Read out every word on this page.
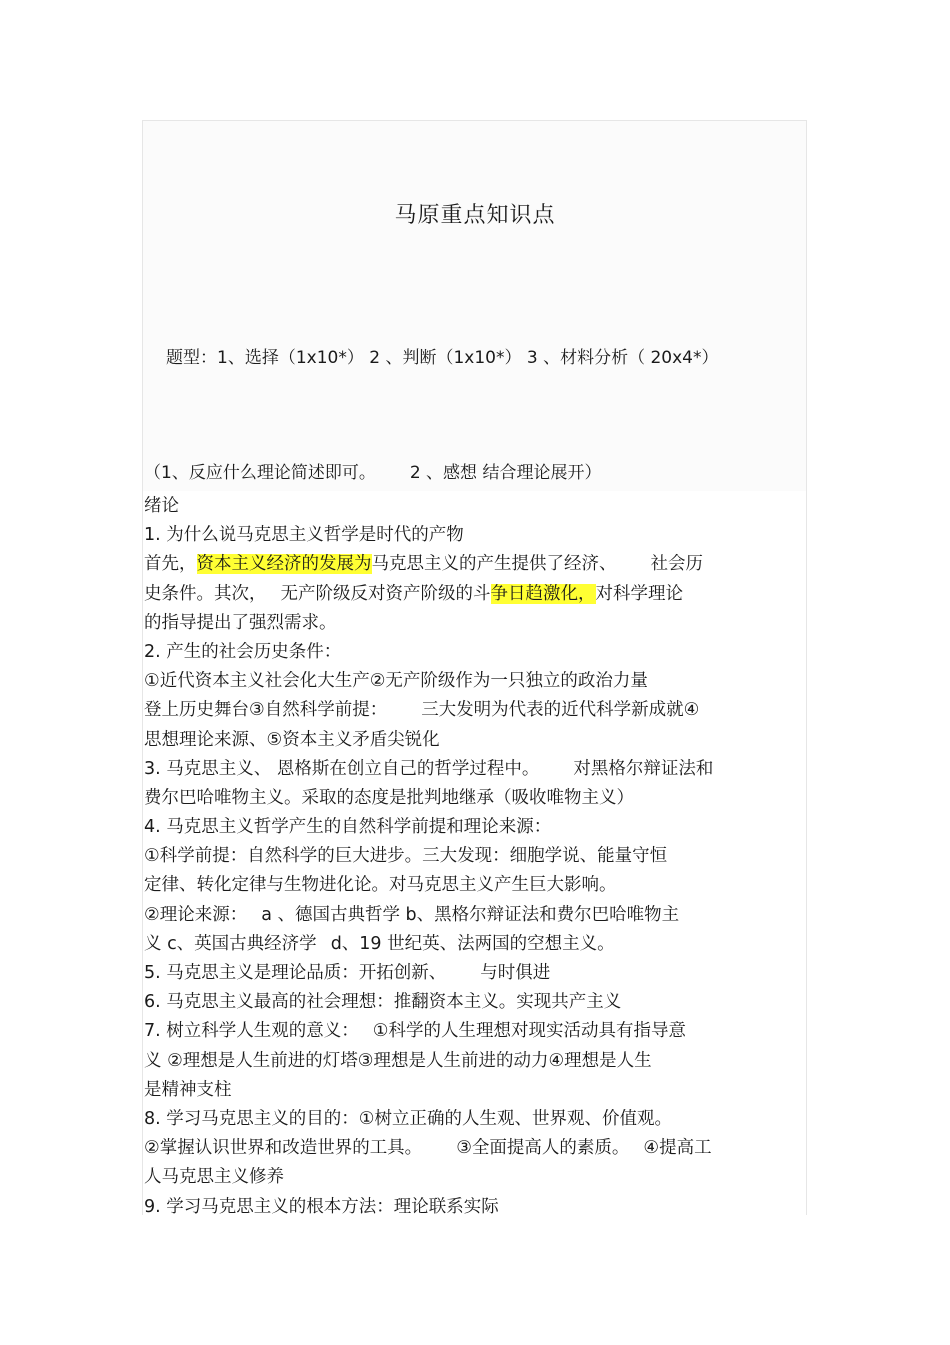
马原重点知识点
题型：1、选择（1x10*） 2 、判断（1x10*） 3 、材料分析（ 20x4*）
（1、反应什么理论简述即可。 2 、感想 结合理论展开）
绪论
1. 为什么说马克思主义哲学是时代的产物
首先，资本主义经济的发展为马克思主义的产生提供了经济、 社会历
史条件。其次， 无产阶级反对资产阶级的斗争日趋激化，对科学理论
的指导提出了强烈需求。
2. 产生的社会历史条件：
①近代资本主义社会化大生产②无产阶级作为一只独立的政治力量
登上历史舞台③自然科学前提： 三大发明为代表的近代科学新成就④
思想理论来源、⑤资本主义矛盾尖锐化
3. 马克思主义、 恩格斯在创立自己的哲学过程中。 对黑格尔辩证法和
费尔巴哈唯物主义。采取的态度是批判地继承（吸收唯物主义）
4. 马克思主义哲学产生的自然科学前提和理论来源：
①科学前提：自然科学的巨大进步。三大发现：细胞学说、能量守恒
定律、转化定律与生物进化论。对马克思主义产生巨大影响。
②理论来源： a 、德国古典哲学 b、黑格尔辩证法和费尔巴哈唯物主
义 c、英国古典经济学 d、19 世纪英、法两国的空想主义。
5. 马克思主义是理论品质：开拓创新、 与时俱进
6. 马克思主义最高的社会理想：推翻资本主义。实现共产主义
7. 树立科学人生观的意义： ①科学的人生理想对现实活动具有指导意
义 ②理想是人生前进的灯塔③理想是人生前进的动力④理想是人生
是精神支柱
8. 学习马克思主义的目的：①树立正确的人生观、世界观、价值观。
②掌握认识世界和改造世界的工具。 ③全面提高人的素质。 ④提高工
人马克思主义修养
9. 学习马克思主义的根本方法：理论联系实际
